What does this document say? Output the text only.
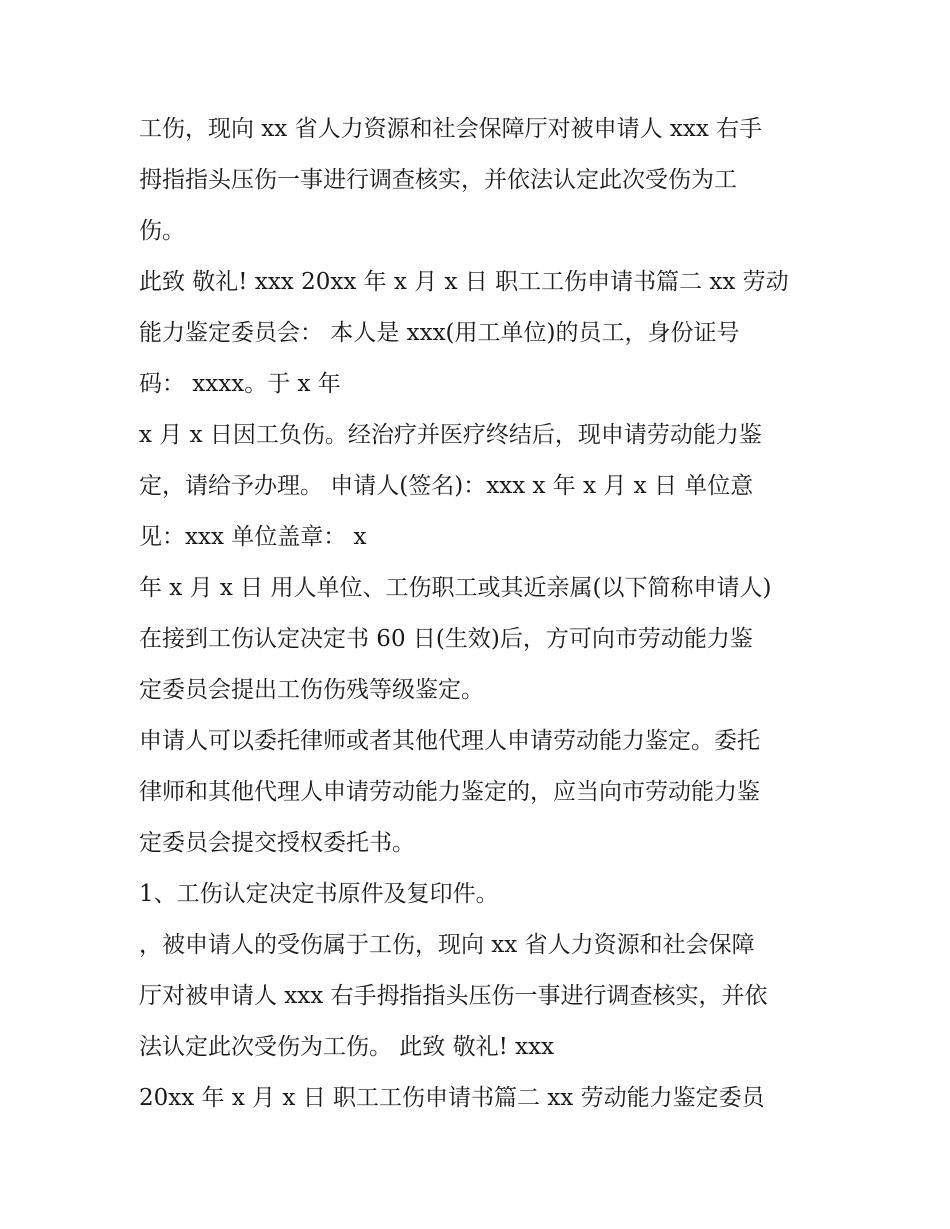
工伤，现向 xx 省人力资源和社会保障厅对被申请人 xxx 右手
拇指指头压伤一事进行调查核实，并依法认定此次受伤为工
伤。
此致 敬礼! xxx 20xx 年 x 月 x 日 职工工伤申请书篇二 xx 劳动
能力鉴定委员会： 本人是 xxx(用工单位)的员工，身份证号
码： xxxx。于 x 年
x 月 x 日因工负伤。经治疗并医疗终结后，现申请劳动能力鉴
定，请给予办理。 申请人(签名)：xxx x 年 x 月 x 日 单位意
见：xxx 单位盖章： x
年 x 月 x 日 用人单位、工伤职工或其近亲属(以下简称申请人)
在接到工伤认定决定书 60 日(生效)后，方可向市劳动能力鉴
定委员会提出工伤伤残等级鉴定。
申请人可以委托律师或者其他代理人申请劳动能力鉴定。委托
律师和其他代理人申请劳动能力鉴定的，应当向市劳动能力鉴
定委员会提交授权委托书。
1、工伤认定决定书原件及复印件。
，被申请人的受伤属于工伤，现向 xx 省人力资源和社会保障
厅对被申请人 xxx 右手拇指指头压伤一事进行调查核实，并依
法认定此次受伤为工伤。 此致 敬礼! xxx
20xx 年 x 月 x 日 职工工伤申请书篇二 xx 劳动能力鉴定委员
